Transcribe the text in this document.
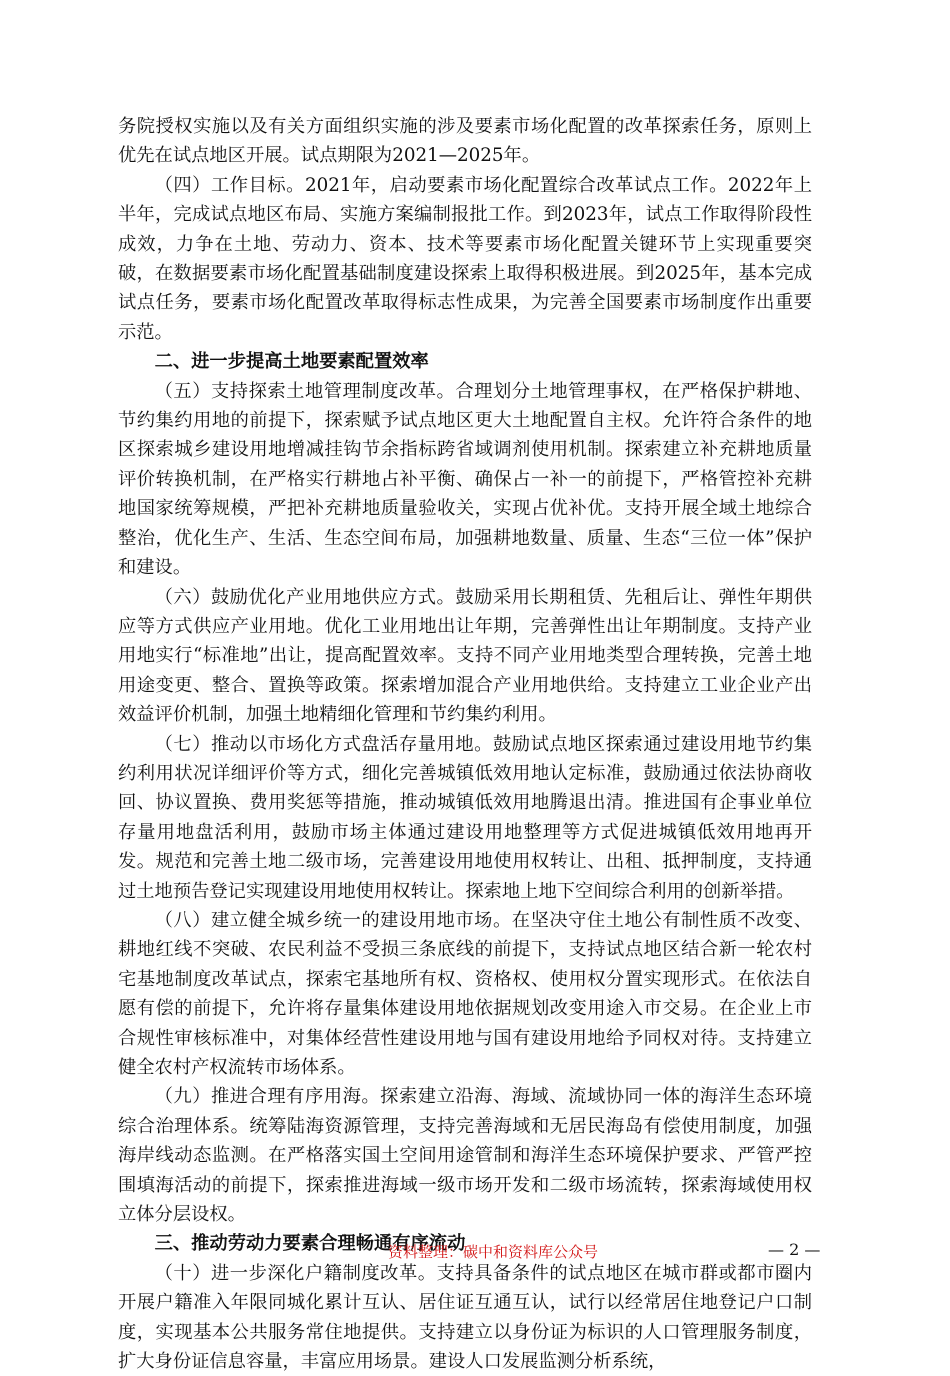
务院授权实施以及有关方面组织实施的涉及要素市场化配置的改革探索任务，原则上优先在试点地区开展。试点期限为2021—2025年。

（四）工作目标。2021年，启动要素市场化配置综合改革试点工作。2022年上半年，完成试点地区布局、实施方案编制报批工作。到2023年，试点工作取得阶段性成效，力争在土地、劳动力、资本、技术等要素市场化配置关键环节上实现重要突破，在数据要素市场化配置基础制度建设探索上取得积极进展。到2025年，基本完成试点任务，要素市场化配置改革取得标志性成果，为完善全国要素市场制度作出重要示范。

二、进一步提高土地要素配置效率

（五）支持探索土地管理制度改革。合理划分土地管理事权，在严格保护耕地、节约集约用地的前提下，探索赋予试点地区更大土地配置自主权。允许符合条件的地区探索城乡建设用地增减挂钩节余指标跨省域调剂使用机制。探索建立补充耕地质量评价转换机制，在严格实行耕地占补平衡、确保占一补一的前提下，严格管控补充耕地国家统筹规模，严把补充耕地质量验收关，实现占优补优。支持开展全域土地综合整治，优化生产、生活、生态空间布局，加强耕地数量、质量、生态“三位一体”保护和建设。

（六）鼓励优化产业用地供应方式。鼓励采用长期租赁、先租后让、弹性年期供应等方式供应产业用地。优化工业用地出让年期，完善弹性出让年期制度。支持产业用地实行“标准地”出让，提高配置效率。支持不同产业用地类型合理转换，完善土地用途变更、整合、置换等政策。探索增加混合产业用地供给。支持建立工业企业产出效益评价机制，加强土地精细化管理和节约集约利用。

（七）推动以市场化方式盘活存量用地。鼓励试点地区探索通过建设用地节约集约利用状况详细评价等方式，细化完善城镇低效用地认定标准，鼓励通过依法协商收回、协议置换、费用奖惩等措施，推动城镇低效用地腾退出清。推进国有企事业单位存量用地盘活利用，鼓励市场主体通过建设用地整理等方式促进城镇低效用地再开发。规范和完善土地二级市场，完善建设用地使用权转让、出租、抵押制度，支持通过土地预告登记实现建设用地使用权转让。探索地上地下空间综合利用的创新举措。

（八）建立健全城乡统一的建设用地市场。在坚决守住土地公有制性质不改变、耕地红线不突破、农民利益不受损三条底线的前提下，支持试点地区结合新一轮农村宅基地制度改革试点，探索宅基地所有权、资格权、使用权分置实现形式。在依法自愿有偿的前提下，允许将存量集体建设用地依据规划改变用途入市交易。在企业上市合规性审核标准中，对集体经营性建设用地与国有建设用地给予同权对待。支持建立健全农村产权流转市场体系。

（九）推进合理有序用海。探索建立沿海、海域、流域协同一体的海洋生态环境综合治理体系。统筹陆海资源管理，支持完善海域和无居民海岛有偿使用制度，加强海岸线动态监测。在严格落实国土空间用途管制和海洋生态环境保护要求、严管严控围填海活动的前提下，探索推进海域一级市场开发和二级市场流转，探索海域使用权立体分层设权。

三、推动劳动力要素合理畅通有序流动

（十）进一步深化户籍制度改革。支持具备条件的试点地区在城市群或都市圈内开展户籍准入年限同城化累计互认、居住证互通互认，试行以经常居住地登记户口制度，实现基本公共服务常住地提供。支持建立以身份证为标识的人口管理服务制度，扩大身份证信息容量，丰富应用场景。建设人口发展监测分析系统，

资料整理：碳中和资料库公众号	— 2 —
